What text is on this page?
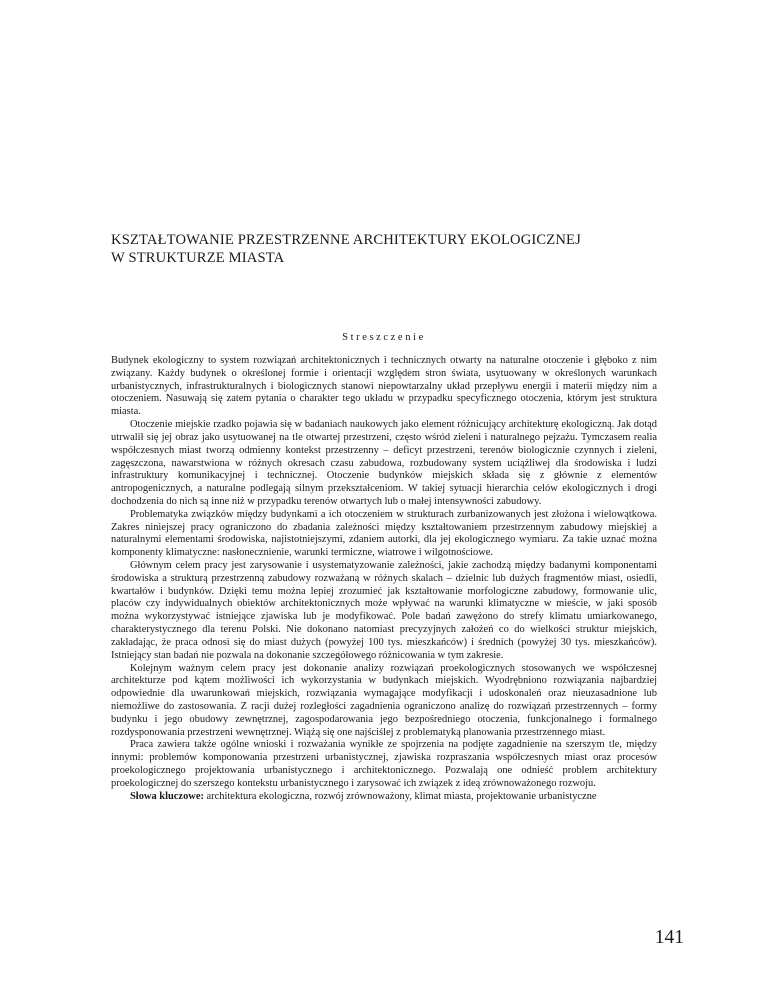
KSZTAŁTOWANIE PRZESTRZENNE ARCHITEKTURY EKOLOGICZNEJ
W STRUKTURZE MIASTA
Streszczenie

Budynek ekologiczny to system rozwiązań architektonicznych i technicznych otwarty na naturalne otoczenie i głęboko z nim związany. Każdy budynek o określonej formie i orientacji względem stron świata, usytuowany w określonych warunkach urbanistycznych, infrastrukturalnych i biologicznych stanowi niepowtarzalny układ przepływu energii i materii między nim a otoczeniem. Nasuwają się zatem pytania o charakter tego układu w przypadku specyficznego otoczenia, którym jest struktura miasta.

Otoczenie miejskie rzadko pojawia się w badaniach naukowych jako element różnicujący architekturę ekologiczną. Jak dotąd utrwalił się jej obraz jako usytuowanej na tle otwartej przestrzeni, często wśród zieleni i naturalnego pejzażu. Tymczasem realia współczesnych miast tworzą odmienny kontekst przestrzenny – deficyt przestrzeni, terenów biologicznie czynnych i zieleni, zagęszczona, nawarstwiona w różnych okresach czasu zabudowa, rozbudowany system uciążliwej dla środowiska i ludzi infrastruktury komunikacyjnej i technicznej. Otoczenie budynków miejskich składa się z głównie z elementów antropogenicznych, a naturalne podlegają silnym przekształceniom. W takiej sytuacji hierarchia celów ekologicznych i drogi dochodzenia do nich są inne niż w przypadku terenów otwartych lub o małej intensywności zabudowy.

Problematyka związków między budynkami a ich otoczeniem w strukturach zurbanizowanych jest złożona i wielowątkowa. Zakres niniejszej pracy ograniczono do zbadania zależności między kształtowaniem przestrzennym zabudowy miejskiej a naturalnymi elementami środowiska, najistotniejszymi, zdaniem autorki, dla jej ekologicznego wymiaru. Za takie uznać można komponenty klimatyczne: nasłonecznienie, warunki termiczne, wiatrowe i wilgotnościowe.

Głównym celem pracy jest zarysowanie i usystematyzowanie zależności, jakie zachodzą między badanymi komponentami środowiska a strukturą przestrzenną zabudowy rozważaną w różnych skalach – dzielnic lub dużych fragmentów miast, osiedli, kwartałów i budynków. Dzięki temu można lepiej zrozumieć jak kształtowanie morfologiczne zabudowy, formowanie ulic, placów czy indywidualnych obiektów architektonicznych może wpływać na warunki klimatyczne w mieście, w jaki sposób można wykorzystywać istniejące zjawiska lub je modyfikować. Pole badań zawężono do strefy klimatu umiarkowanego, charakterystycznego dla terenu Polski. Nie dokonano natomiast precyzyjnych założeń co do wielkości struktur miejskich, zakładając, że praca odnosi się do miast dużych (powyżej 100 tys. mieszkańców) i średnich (powyżej 30 tys. mieszkańców). Istniejący stan badań nie pozwala na dokonanie szczegółowego różnicowania w tym zakresie.

Kolejnym ważnym celem pracy jest dokonanie analizy rozwiązań proekologicznych stosowanych we współczesnej architekturze pod kątem możliwości ich wykorzystania w budynkach miejskich. Wyodrębniono rozwiązania najbardziej odpowiednie dla uwarunkowań miejskich, rozwiązania wymagające modyfikacji i udoskonaleń oraz nieuzasadnione lub niemożliwe do zastosowania. Z racji dużej rozległości zagadnienia ograniczono analizę do rozwiązań przestrzennych – formy budynku i jego obudowy zewnętrznej, zagospodarowania jego bezpośredniego otoczenia, funkcjonalnego i formalnego rozdysponowania przestrzeni wewnętrznej. Wiążą się one najściślej z problematyką planowania przestrzennego miast.

Praca zawiera także ogólne wnioski i rozważania wynikłe ze spojrzenia na podjęte zagadnienie na szerszym tle, między innymi: problemów komponowania przestrzeni urbanistycznej, zjawiska rozpraszania współczesnych miast oraz procesów proekologicznego projektowania urbanistycznego i architektonicznego. Pozwalają one odnieść problem architektury proekologicznej do szerszego kontekstu urbanistycznego i zarysować ich związek z ideą zrównoważonego rozwoju.

Słowa kluczowe: architektura ekologiczna, rozwój zrównoważony, klimat miasta, projektowanie urbanistyczne

141
